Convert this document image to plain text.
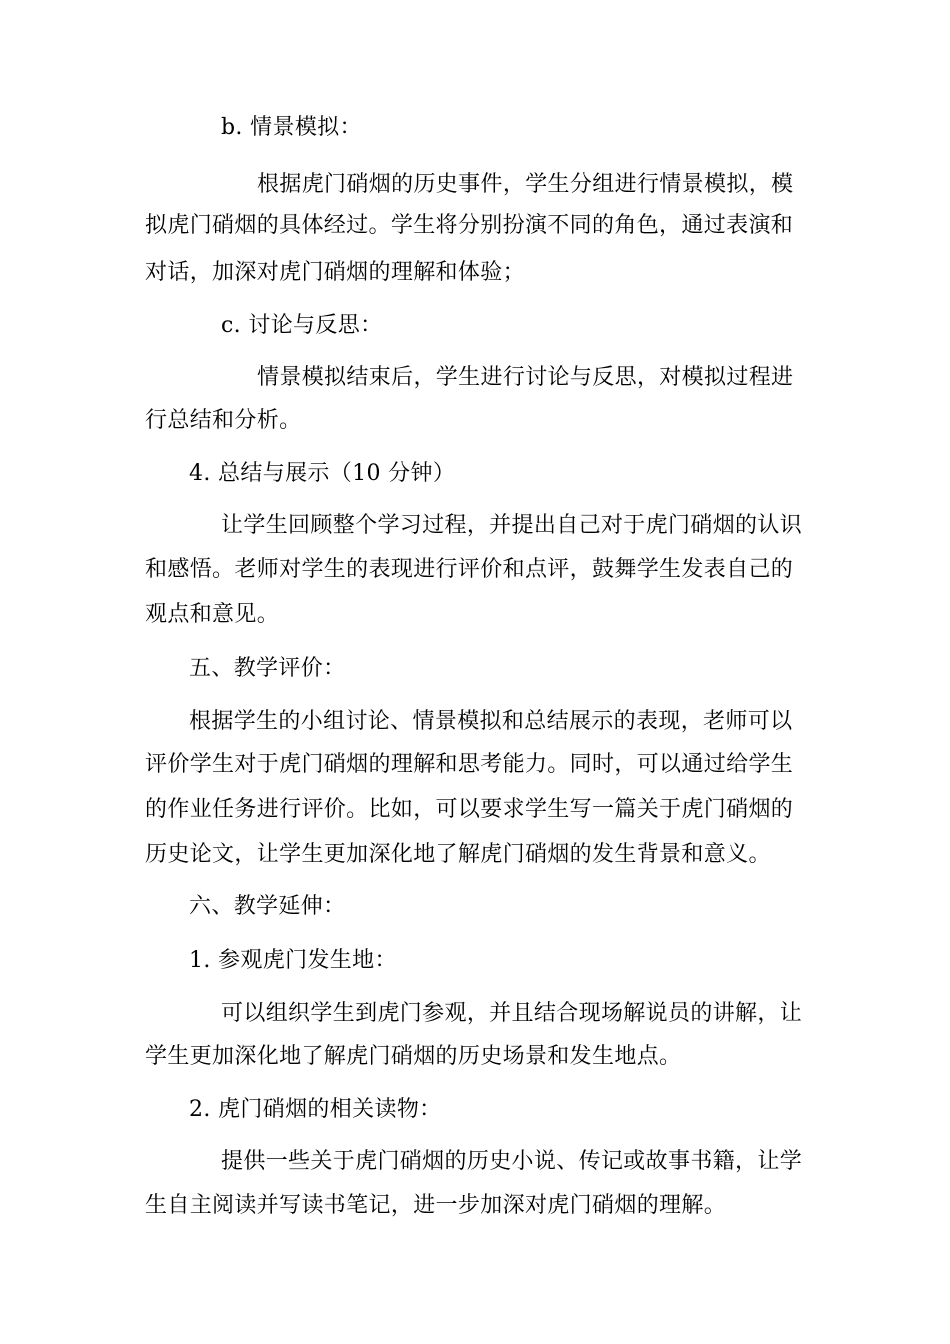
b. 情景模拟：
根据虎门硝烟的历史事件，学生分组进行情景模拟，模
拟虎门硝烟的具体经过。学生将分别扮演不同的角色，通过表演和
对话，加深对虎门硝烟的理解和体验；
c. 讨论与反思：
情景模拟结束后，学生进行讨论与反思，对模拟过程进
行总结和分析。
4. 总结与展示（10 分钟）
让学生回顾整个学习过程，并提出自己对于虎门硝烟的认识
和感悟。老师对学生的表现进行评价和点评，鼓舞学生发表自己的
观点和意见。
五、教学评价：
根据学生的小组讨论、情景模拟和总结展示的表现，老师可以
评价学生对于虎门硝烟的理解和思考能力。同时，可以通过给学生
的作业任务进行评价。比如，可以要求学生写一篇关于虎门硝烟的
历史论文，让学生更加深化地了解虎门硝烟的发生背景和意义。
六、教学延伸：
1. 参观虎门发生地：
可以组织学生到虎门参观，并且结合现场解说员的讲解，让
学生更加深化地了解虎门硝烟的历史场景和发生地点。
2. 虎门硝烟的相关读物：
提供一些关于虎门硝烟的历史小说、传记或故事书籍，让学
生自主阅读并写读书笔记，进一步加深对虎门硝烟的理解。
